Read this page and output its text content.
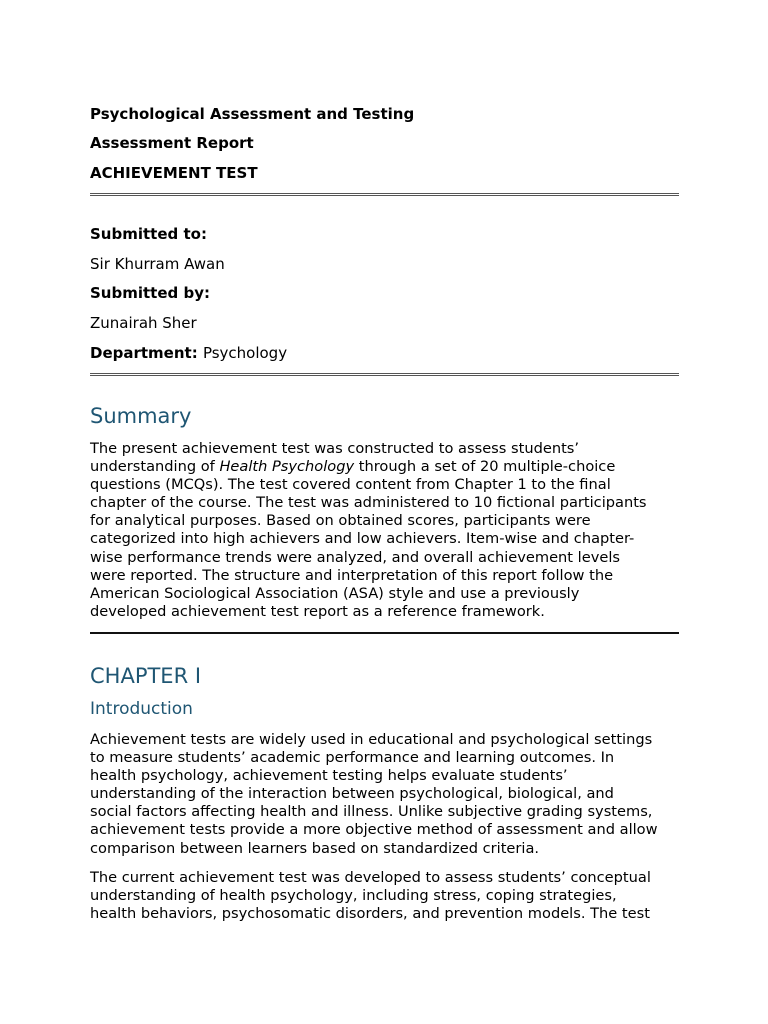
Psychological Assessment and Testing
Assessment Report
ACHIEVEMENT TEST
Submitted to:
Sir Khurram Awan
Submitted by:
Zunairah Sher
Department: Psychology
Summary
The present achievement test was constructed to assess students’
understanding of Health Psychology through a set of 20 multiple-choice
questions (MCQs). The test covered content from Chapter 1 to the final
chapter of the course. The test was administered to 10 fictional participants
for analytical purposes. Based on obtained scores, participants were
categorized into high achievers and low achievers. Item-wise and chapter-
wise performance trends were analyzed, and overall achievement levels
were reported. The structure and interpretation of this report follow the
American Sociological Association (ASA) style and use a previously
developed achievement test report as a reference framework.
CHAPTER I
Introduction
Achievement tests are widely used in educational and psychological settings
to measure students’ academic performance and learning outcomes. In
health psychology, achievement testing helps evaluate students’
understanding of the interaction between psychological, biological, and
social factors affecting health and illness. Unlike subjective grading systems,
achievement tests provide a more objective method of assessment and allow
comparison between learners based on standardized criteria.
The current achievement test was developed to assess students’ conceptual
understanding of health psychology, including stress, coping strategies,
health behaviors, psychosomatic disorders, and prevention models. The test
